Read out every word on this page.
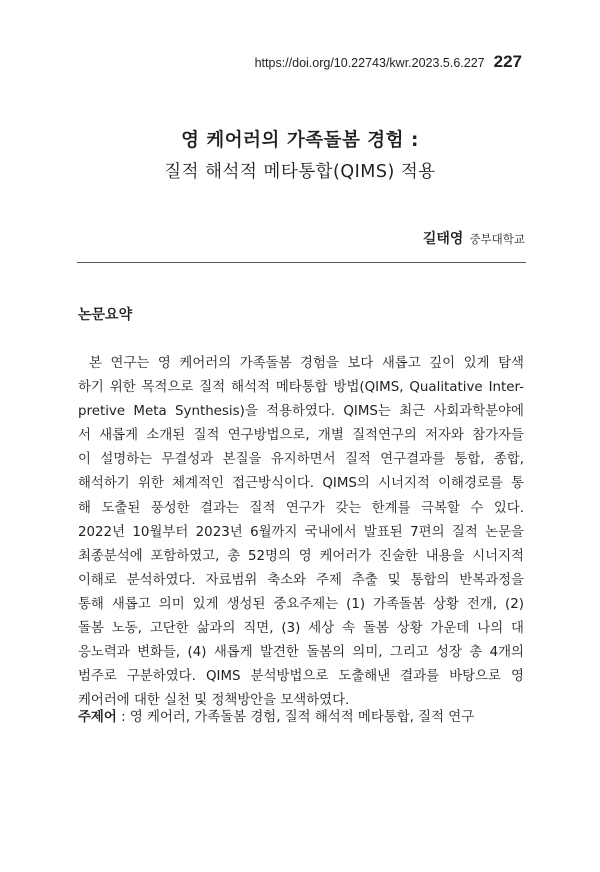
https://doi.org/10.22743/kwr.2023.5.6.227 227
영 케어러의 가족돌봄 경험 :
질적 해석적 메타통합(QIMS) 적용
길태영 중부대학교
논문요약
본 연구는 영 케어러의 가족돌봄 경험을 보다 새롭고 깊이 있게 탐색
하기 위한 목적으로 질적 해석적 메타통합 방법(QIMS, Qualitative Inter-
pretive Meta Synthesis)을 적용하였다. QIMS는 최근 사회과학분야에
서 새롭게 소개된 질적 연구방법으로, 개별 질적연구의 저자와 참가자들
이 설명하는 무결성과 본질을 유지하면서 질적 연구결과를 통합, 종합,
해석하기 위한 체계적인 접근방식이다. QIMS의 시너지적 이해경로를 통
해 도출된 풍성한 결과는 질적 연구가 갖는 한계를 극복할 수 있다.
2022년 10월부터 2023년 6월까지 국내에서 발표된 7편의 질적 논문을
최종분석에 포함하였고, 총 52명의 영 케어러가 진술한 내용을 시너지적
이해로 분석하였다. 자료범위 축소와 주제 추출 및 통합의 반복과정을
통해 새롭고 의미 있게 생성된 중요주제는 (1) 가족돌봄 상황 전개, (2)
돌봄 노동, 고단한 삶과의 직면, (3) 세상 속 돌봄 상황 가운데 나의 대
응노력과 변화들, (4) 새롭게 발견한 돌봄의 의미, 그리고 성장 총 4개의
범주로 구분하였다. QIMS 분석방법으로 도출해낸 결과를 바탕으로 영
케어러에 대한 실천 및 정책방안을 모색하였다.
주제어 : 영 케어러, 가족돌봄 경험, 질적 해석적 메타통합, 질적 연구
